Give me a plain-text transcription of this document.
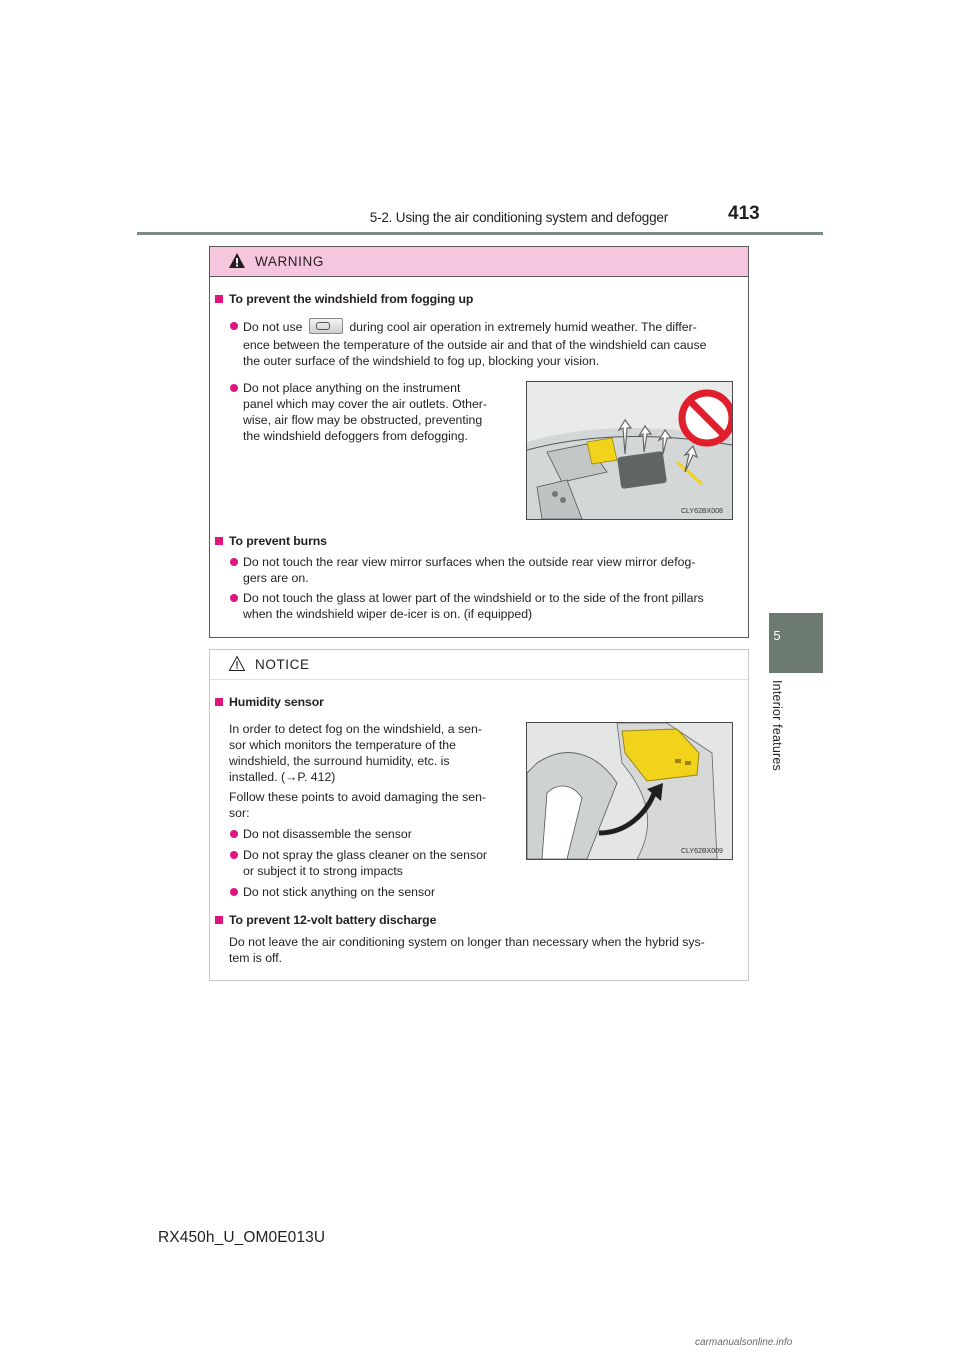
5-2. Using the air conditioning system and defogger	413
5
Interior features
WARNING
To prevent the windshield from fogging up
Do not use	during cool air operation in extremely humid weather. The differ-
ence between the temperature of the outside air and that of the windshield can cause
the outer surface of the windshield to fog up, blocking your vision.
Do not place anything on the instrument
panel which may cover the air outlets. Other-
wise, air flow may be obstructed, preventing
the windshield defoggers from defogging.
CLY62BX008
To prevent burns
Do not touch the rear view mirror surfaces when the outside rear view mirror defog-
gers are on.
Do not touch the glass at lower part of the windshield or to the side of the front pillars
when the windshield wiper de-icer is on. (if equipped)
NOTICE
Humidity sensor
In order to detect fog on the windshield, a sen-
sor which monitors the temperature of the
windshield, the surround humidity, etc. is
installed. (→P. 412)
Follow these points to avoid damaging the sen-
sor:
Do not disassemble the sensor
Do not spray the glass cleaner on the sensor
or subject it to strong impacts
Do not stick anything on the sensor
CLY62BX009
To prevent 12-volt battery discharge
Do not leave the air conditioning system on longer than necessary when the hybrid sys-
tem is off.
RX450h_U_OM0E013U
carmanualsonline.info
